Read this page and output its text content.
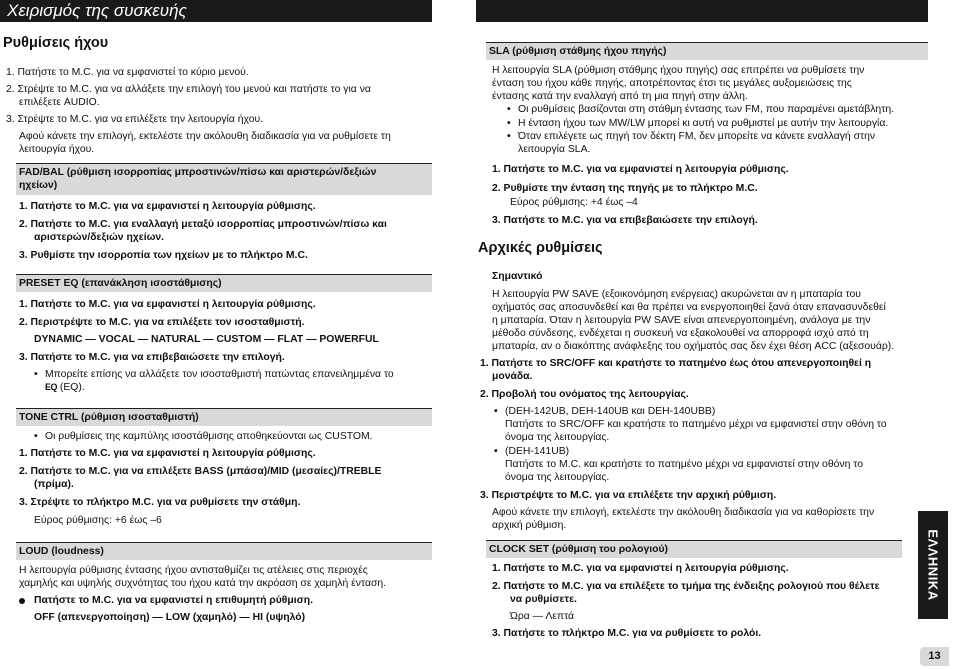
Χειρισμός της συσκευής
Ρυθμίσεις ήχου
1. Πατήστε το M.C. για να εμφανιστεί το κύριο μενού.
2. Στρέψτε το M.C. για να αλλάξετε την επιλογή του μενού και πατήστε το για να
επιλέξετε AUDIO.
3. Στρέψτε το M.C. για να επιλέξετε την λειτουργία ήχου.
Αφού κάνετε την επιλογή, εκτελέστε την ακόλουθη διαδικασία για να ρυθμίσετε τη
λειτουργία ήχου.
FAD/BAL (ρύθμιση ισορροπίας μπροστινών/πίσω και αριστερών/δεξιών
ηχείων)
1. Πατήστε το M.C. για να εμφανιστεί η λειτουργία ρύθμισης.
2. Πατήστε το M.C. για εναλλαγή μεταξύ ισορροπίας μπροστινών/πίσω και
αριστερών/δεξιών ηχείων.
3. Ρυθμίστε την ισορροπία των ηχείων με το πλήκτρο M.C.
PRESET EQ (επανάκληση ισοστάθμισης)
1. Πατήστε το M.C. για να εμφανιστεί η λειτουργία ρύθμισης.
2. Περιστρέψτε το M.C. για να επιλέξετε τον ισοσταθμιστή.
DYNAMIC — VOCAL — NATURAL — CUSTOM — FLAT — POWERFUL
3. Πατήστε το M.C. για να επιβεβαιώσετε την επιλογή.
• Μπορείτε επίσης να αλλάξετε τον ισοσταθμιστή πατώντας επανειλημμένα το
EQ (EQ).
TONE CTRL (ρύθμιση ισοσταθμιστή)
• Οι ρυθμίσεις της καμπύλης ισοστάθμισης αποθηκεύονται ως CUSTOM.
1. Πατήστε το M.C. για να εμφανιστεί η λειτουργία ρύθμισης.
2. Πατήστε το M.C. για να επιλέξετε BASS (μπάσα)/MID (μεσαίες)/TREBLE
(πρίμα).
3. Στρέψτε το πλήκτρο M.C. για να ρυθμίσετε την στάθμη.
Εύρος ρύθμισης: +6 έως –6
LOUD (loudness)
Η λειτουργία ρύθμισης έντασης ήχου αντισταθμίζει τις ατέλειες στις περιοχές
χαμηλής και υψηλής συχνότητας του ήχου κατά την ακρόαση σε χαμηλή ένταση.
Πατήστε το M.C. για να εμφανιστεί η επιθυμητή ρύθμιση.
OFF (απενεργοποίηση) — LOW (χαμηλό) — HI (υψηλό)
SLA (ρύθμιση στάθμης ήχου πηγής)
Η λειτουργία SLA (ρύθμιση στάθμης ήχου πηγής) σας επιτρέπει να ρυθμίσετε την
ένταση του ήχου κάθε πηγής, αποτρέποντας έτσι τις μεγάλες αυξομειώσεις της
έντασης κατά την εναλλαγή από τη μια πηγή στην άλλη.
• Οι ρυθμίσεις βασίζονται στη στάθμη έντασης των FM, που παραμένει αμετάβλητη.
• Η ένταση ήχου των MW/LW μπορεί κι αυτή να ρυθμιστεί με αυτήν την λειτουργία.
• Όταν επιλέγετε ως πηγή τον δέκτη FM, δεν μπορείτε να κάνετε εναλλαγή στην
λειτουργία SLA.
1. Πατήστε το M.C. για να εμφανιστεί η λειτουργία ρύθμισης.
2. Ρυθμίστε την ένταση της πηγής με το πλήκτρο M.C.
Εύρος ρύθμισης: +4 έως –4
3. Πατήστε το M.C. για να επιβεβαιώσετε την επιλογή.
Αρχικές ρυθμίσεις
Σημαντικό
Η λειτουργία PW SAVE (εξοικονόμηση ενέργειας) ακυρώνεται αν η μπαταρία του
οχήματός σας αποσυνδεθεί και θα πρέπει να ενεργοποιηθεί ξανά όταν επανασυνδεθεί
η μπαταρία. Όταν η λειτουργία PW SAVE είναι απενεργοποιημένη, ανάλογα με την
μέθοδο σύνδεσης, ενδέχεται η συσκευή να εξακολουθεί να απορροφά ισχύ από τη
μπαταρία, αν ο διακόπτης ανάφλεξης του οχήματός σας δεν έχει θέση ACC (αξεσουάρ).
1. Πατήστε το SRC/OFF και κρατήστε το πατημένο έως ότου απενεργοποιηθεί η
μονάδα.
2. Προβολή του ονόματος της λειτουργίας.
• (DEH-142UB, DEH-140UB και DEH-140UBB)
Πατήστε το SRC/OFF και κρατήστε το πατημένο μέχρι να εμφανιστεί στην οθόνη το
όνομα της λειτουργίας.
• (DEH-141UB)
Πατήστε το M.C. και κρατήστε το πατημένο μέχρι να εμφανιστεί στην οθόνη το
όνομα της λειτουργίας.
3. Περιστρέψτε το M.C. για να επιλέξετε την αρχική ρύθμιση.
Αφού κάνετε την επιλογή, εκτελέστε την ακόλουθη διαδικασία για να καθορίσετε την
αρχική ρύθμιση.
CLOCK SET (ρύθμιση του ρολογιού)
1. Πατήστε το M.C. για να εμφανιστεί η λειτουργία ρύθμισης.
2. Πατήστε το M.C. για να επιλέξετε το τμήμα της ένδειξης ρολογιού που θέλετε
να ρυθμίσετε.
Ώρα — Λεπτά
3. Πατήστε το πλήκτρο M.C. για να ρυθμίσετε το ρολόι.
ΕΛΛΗΝΙΚΑ
13
